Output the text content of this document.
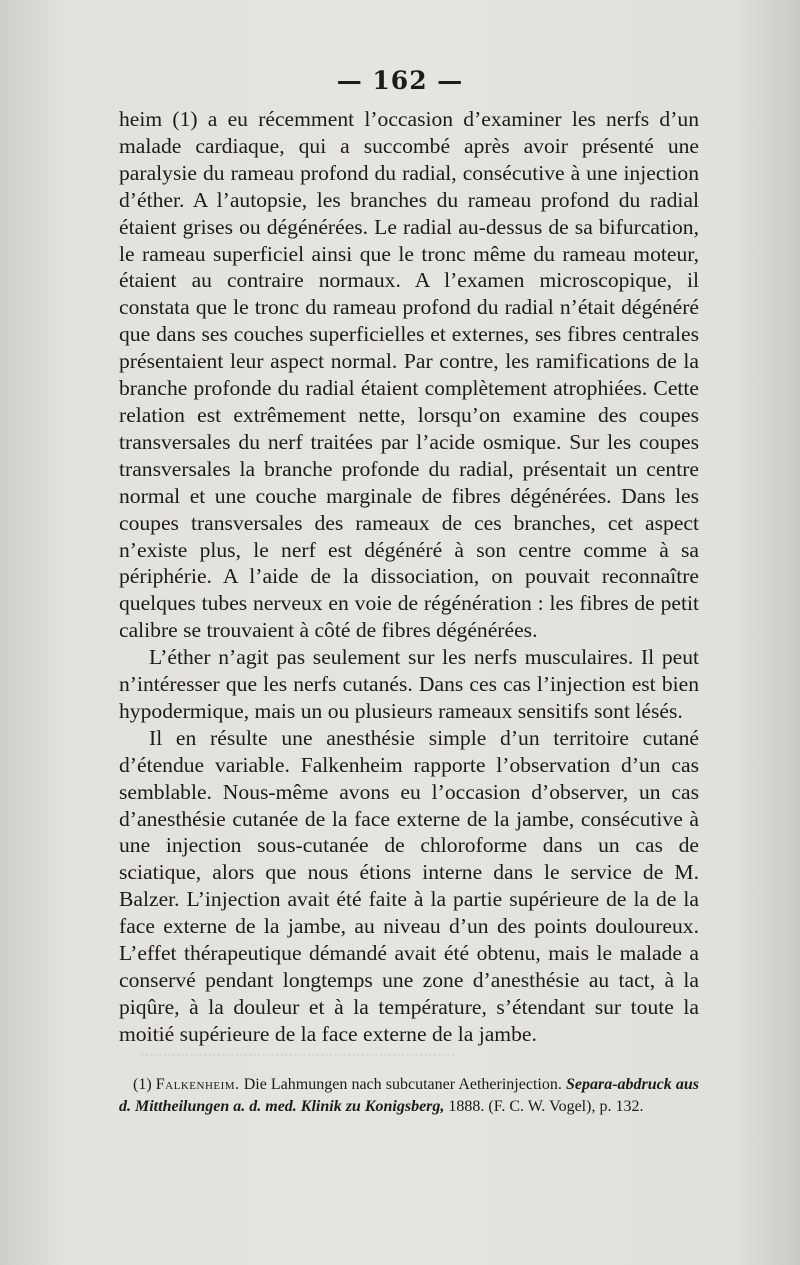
......................................................................
— 162 —

heim (1) a eu récemment l’occasion d’examiner les nerfs d’un malade cardiaque, qui a succombé après avoir présenté une paralysie du rameau profond du radial, consécutive à une injection d’éther. A l’autopsie, les branches du rameau profond du radial étaient grises ou dégénérées. Le radial au-dessus de sa bifurcation, le rameau superficiel ainsi que le tronc même du rameau moteur, étaient au contraire normaux. A l’examen microscopique, il constata que le tronc du rameau profond du radial n’était dégénéré que dans ses couches superficielles et externes, ses fibres centrales présentaient leur aspect normal. Par contre, les ramifications de la branche profonde du radial étaient complètement atrophiées. Cette relation est extrêmement nette, lorsqu’on examine des coupes transversales du nerf traitées par l’acide osmique. Sur les coupes transversales la branche profonde du radial, présentait un centre normal et une couche marginale de fibres dégénérées. Dans les coupes transversales des rameaux de ces branches, cet aspect n’existe plus, le nerf est dégénéré à son centre comme à sa périphérie. A l’aide de la dissociation, on pouvait reconnaître quelques tubes nerveux en voie de régénération : les fibres de petit calibre se trouvaient à côté de fibres dégénérées.

L’éther n’agit pas seulement sur les nerfs musculaires. Il peut n’intéresser que les nerfs cutanés. Dans ces cas l’injection est bien hypodermique, mais un ou plusieurs rameaux sensitifs sont lésés.

Il en résulte une anesthésie simple d’un territoire cutané d’étendue variable. Falkenheim rapporte l’observation d’un cas semblable. Nous-même avons eu l’occasion d’observer, un cas d’anesthésie cutanée de la face externe de la jambe, consécutive à une injection sous-cutanée de chloroforme dans un cas de sciatique, alors que nous étions interne dans le service de M. Balzer. L’injection avait été faite à la partie supérieure de la de la face externe de la jambe, au niveau d’un des points douloureux. L’effet thérapeutique démandé avait été obtenu, mais le malade a conservé pendant longtemps une zone d’anesthésie au tact, à la piqûre, à la douleur et à la température, s’étendant sur toute la moitié supérieure de la face externe de la jambe.

(1) Falkenheim. Die Lahmungen nach subcutaner Aetherinjection. Separa-abdruck aus d. Mittheilungen a. d. med. Klinik zu Konigsberg, 1888. (F. C. W. Vogel), p. 132.
